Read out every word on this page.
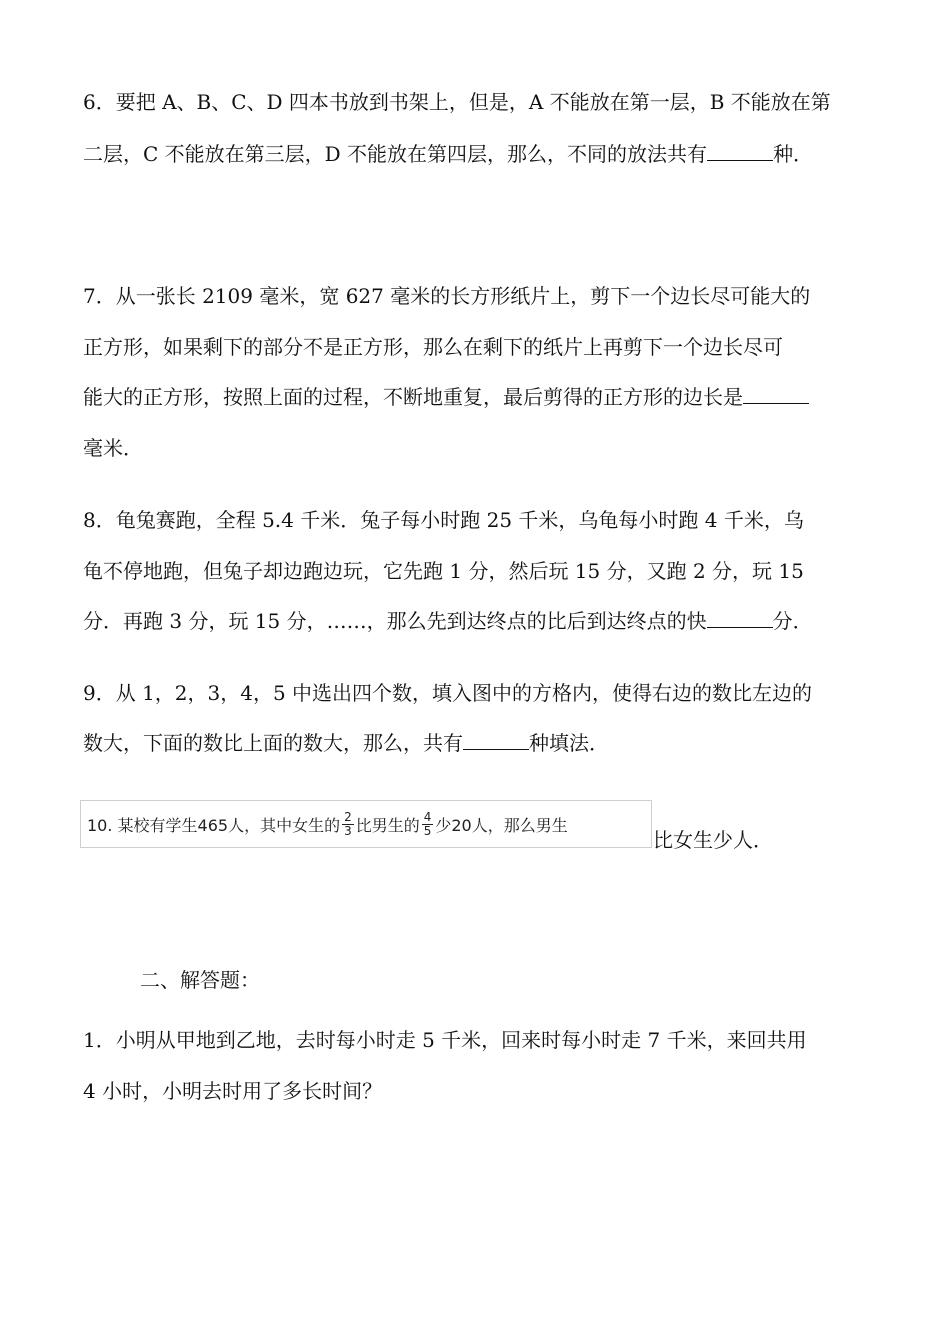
6．要把 A、B、C、D 四本书放到书架上，但是，A 不能放在第一层，B 不能放在第
二层，C 不能放在第三层，D 不能放在第四层，那么，不同的放法共有	种．
7．从一张长 2109 毫米，宽 627 毫米的长方形纸片上，剪下一个边长尽可能大的
正方形，如果剩下的部分不是正方形，那么在剩下的纸片上再剪下一个边长尽可
能大的正方形，按照上面的过程，不断地重复，最后剪得的正方形的边长是
毫米．
8．龟兔赛跑，全程 5.4 千米．兔子每小时跑 25 千米，乌龟每小时跑 4 千米，乌
龟不停地跑，但兔子却边跑边玩，它先跑 1 分，然后玩 15 分，又跑 2 分，玩 15
分．再跑 3 分，玩 15 分，……，那么先到达终点的比后到达终点的快	分．
9．从 1，2，3，4，5 中选出四个数，填入图中的方格内，使得右边的数比左边的
数大，下面的数比上面的数大，那么，共有	种填法．
10. 某校有学生465人，其中女生的 $\frac{2}{3}$ 比男生的 $\frac{4}{5}$ 少20人，那么男生
比女生少人．
二、解答题：
1．小明从甲地到乙地，去时每小时走 5 千米，回来时每小时走 7 千米，来回共用
4 小时，小明去时用了多长时间？
